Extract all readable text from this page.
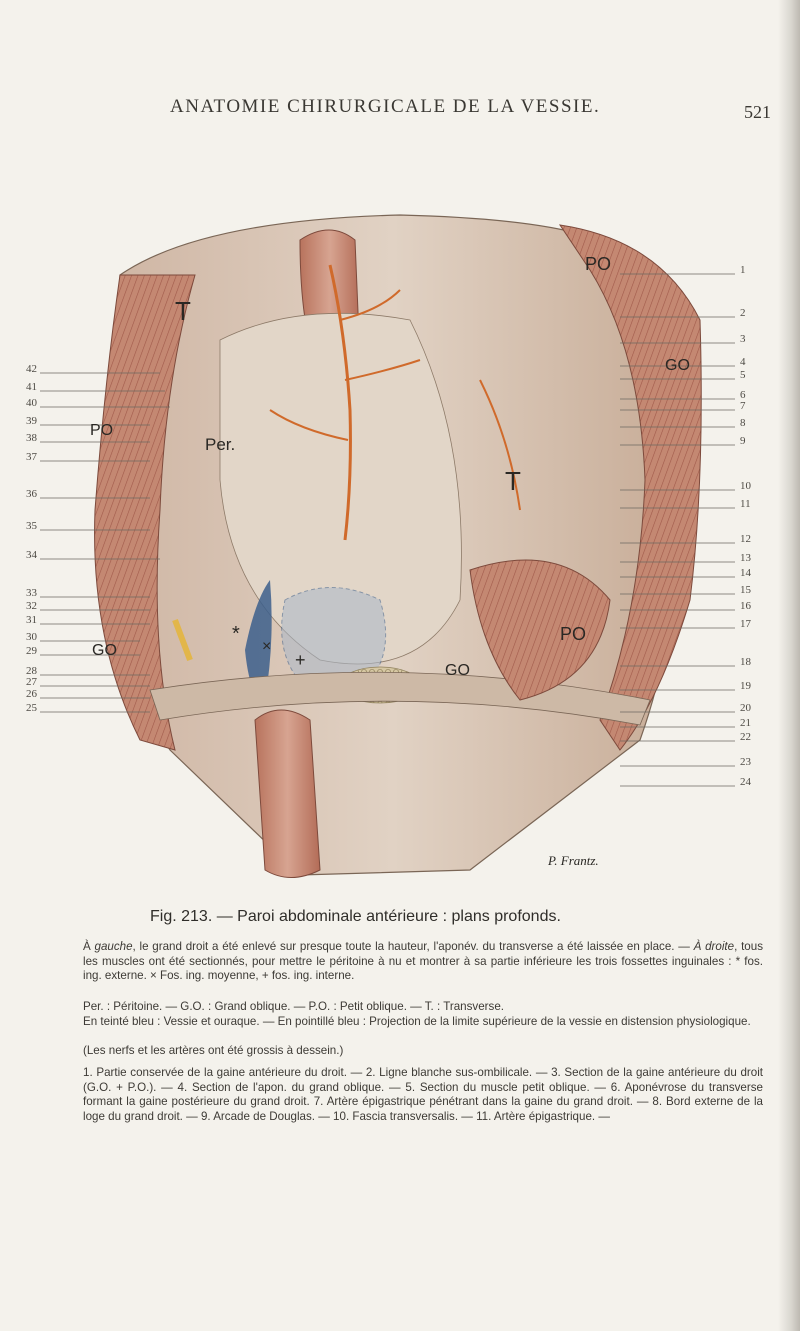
ANATOMIE CHIRURGICALE DE LA VESSIE.	521
T
T
PO
PO
GO
GO
PO
GO
Per.
*
×
+
P. Frantz.
42
41
40
39
38
37
36
35
34
33
32
31
30
29
28
27
26
25
1
2
3
4
5
6
7
8
9
10
11
12
13
14
15
16
17
18
19
20
21
22
23
24
Fig. 213. — Paroi abdominale antérieure : plans profonds.

À gauche, le grand droit a été enlevé sur presque toute la hauteur, l'aponév. du transverse a été laissée en place. — À droite, tous les muscles ont été sectionnés, pour mettre le péritoine à nu et montrer à sa partie inférieure les trois fossettes inguinales : * fos. ing. externe. × Fos. ing. moyenne, + fos. ing. interne.

Per. : Péritoine. — G.O. : Grand oblique. — P.O. : Petit oblique. — T. : Transverse.

En teinté bleu : Vessie et ouraque. — En pointillé bleu : Projection de la limite supérieure de la vessie en distension physiologique.

(Les nerfs et les artères ont été grossis à dessein.)

1. Partie conservée de la gaine antérieure du droit. — 2. Ligne blanche sus-ombilicale. — 3. Section de la gaine antérieure du droit (G.O. + P.O.). — 4. Section de l'apon. du grand oblique. — 5. Section du muscle petit oblique. — 6. Aponévrose du transverse formant la gaine postérieure du grand droit. 7. Artère épigastrique pénétrant dans la gaine du grand droit. — 8. Bord externe de la loge du grand droit. — 9. Arcade de Douglas. — 10. Fascia transversalis. — 11. Artère épigastrique. —
